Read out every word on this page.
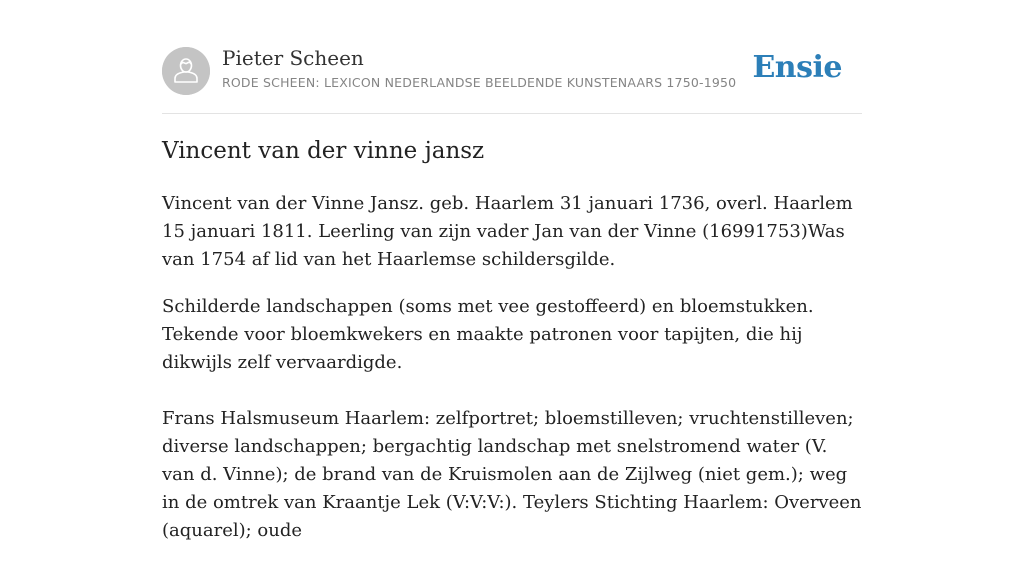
Pieter Scheen
RODE SCHEEN: LEXICON NEDERLANDSE BEELDENDE KUNSTENAARS 1750-1950 Ensie
Vincent van der vinne jansz

Vincent van der Vinne Jansz. geb. Haarlem 31 januari 1736, overl. Haarlem 15 januari 1811. Leerling van zijn vader Jan van der Vinne (16991753)Was van 1754 af lid van het Haarlemse schildersgilde.

Schilderde landschappen (soms met vee gestoffeerd) en bloemstukken. Tekende voor bloemkwekers en maakte patronen voor tapijten, die hij dikwijls zelf vervaardigde.

Frans Halsmuseum Haarlem: zelfportret; bloemstilleven; vruchtenstilleven; diverse landschappen; bergachtig landschap met snelstromend water (V. van d. Vinne); de brand van de Kruismolen aan de Zijlweg (niet gem.); weg in de omtrek van Kraantje Lek (V:V:V:). Teylers Stichting Haarlem: Overveen (aquarel); oude
